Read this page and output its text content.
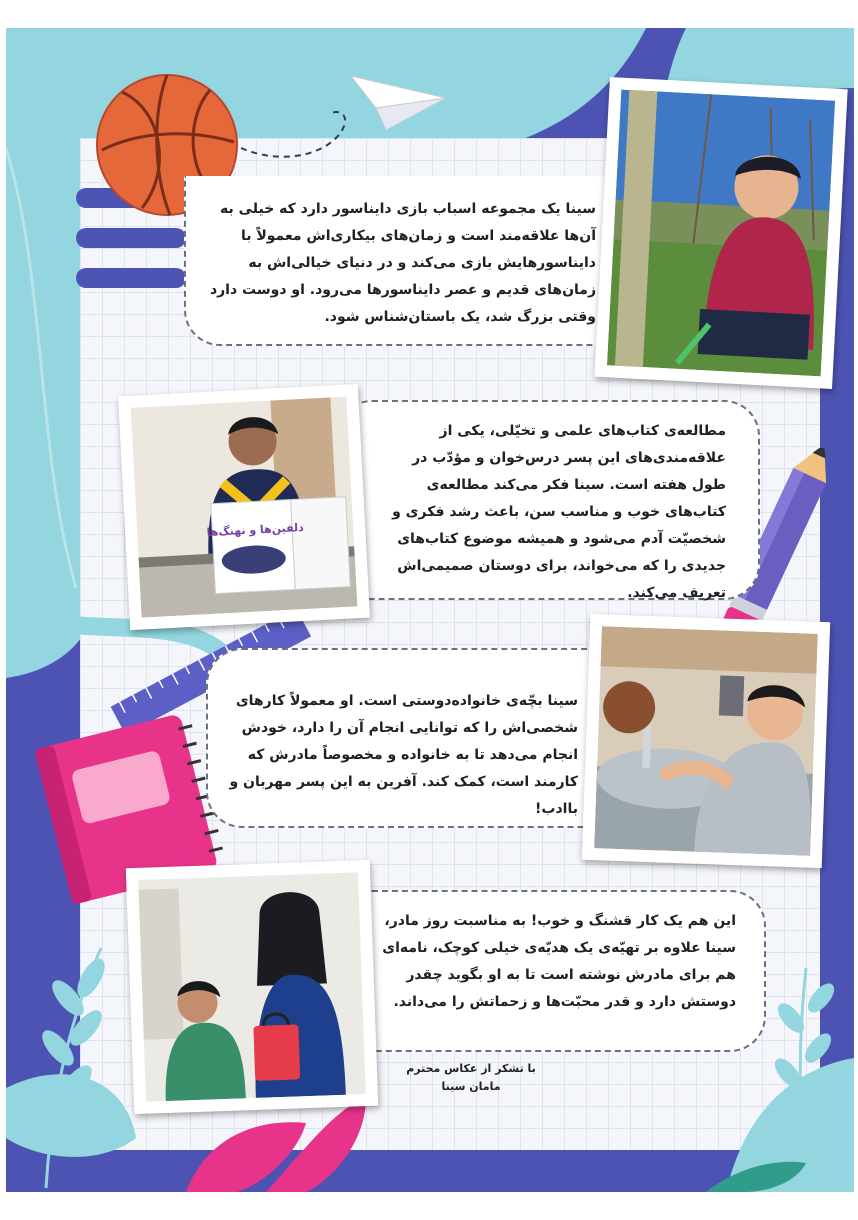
سینا یک مجموعه اسباب بازی دایناسور دارد که خیلی به آن‌ها علاقه‌مند است و زمان‌های بیکاری‌اش معمولاً با دایناسورهایش بازی می‌کند و در دنیای خیالی‌اش به زمان‌های قدیم و عصر دایناسورها می‌رود. او دوست دارد وقتی بزرگ شد، یک باستان‌شناس شود.
مطالعه‌ی کتاب‌های علمی و تخیّلی، یکی از علاقه‌مندی‌های این پسر درس‌خوان و مؤدّب در طول هفته است. سینا فکر می‌کند مطالعه‌ی کتاب‌های خوب و مناسب سن، باعث رشد فکری و شخصیّت آدم می‌شود و همیشه موضوع کتاب‌های جدیدی را که می‌خواند، برای دوستان صمیمی‌اش تعریف می‌کند.
دلفین‌ها و نهنگ‌ها
سینا بچّه‌ی خانواده‌دوستی است. او معمولاً کارهای شخصی‌اش را که توانایی انجام آن را دارد، خودش انجام می‌دهد تا به خانواده و مخصوصاً مادرش که کارمند است، کمک کند. آفرین به این پسر مهربان و باادب!
این هم یک کار قشنگ و خوب! به مناسبت روز مادر، سینا علاوه بر تهیّه‌ی یک هدیّه‌ی خیلی کوچک، نامه‌ای هم برای مادرش نوشته است تا به او بگوید چقدر دوستش دارد و قدر محبّت‌ها و زحماتش را می‌داند.
با تشکر از عکاس محترم
مامان سینا
